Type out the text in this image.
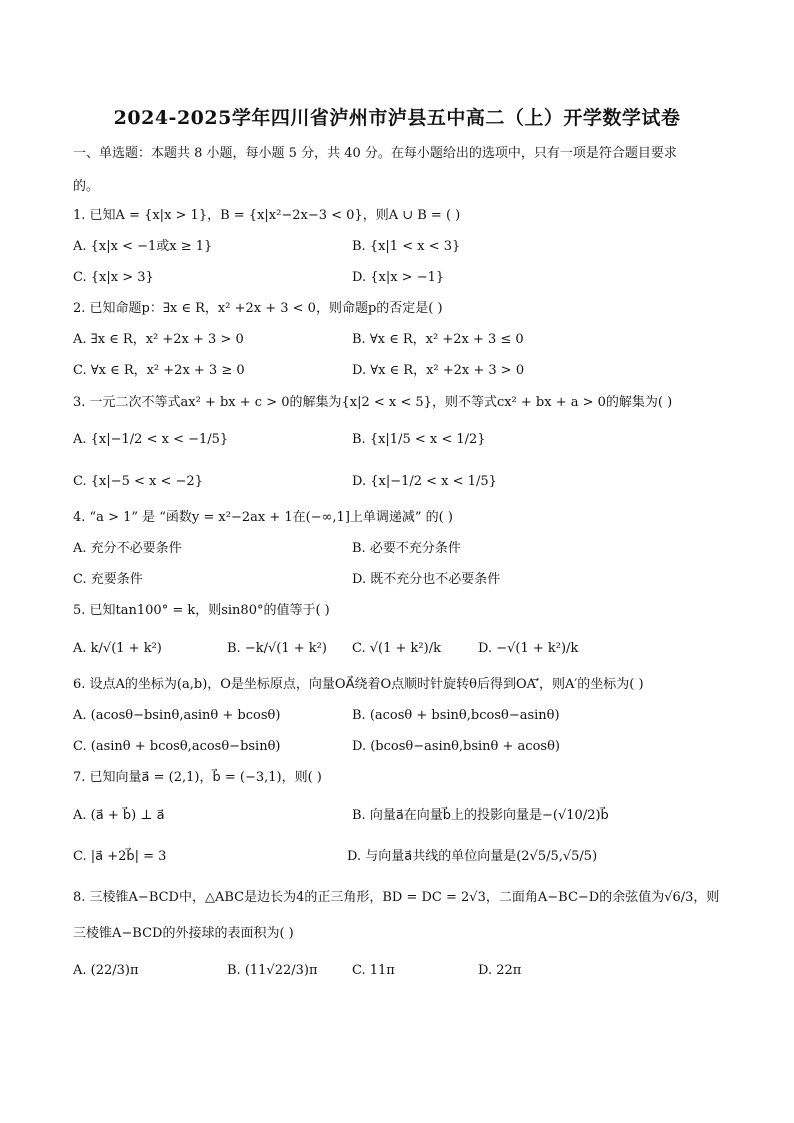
2024-2025学年四川省泸州市泸县五中高二（上）开学数学试卷
一、单选题：本题共 8 小题，每小题 5 分，共 40 分。在每小题给出的选项中，只有一项是符合题目要求
的。
1. 已知A = {x|x > 1}，B = {x|x²−2x−3 < 0}，则A ∪ B = ( )
A. {x|x < −1或x ≥ 1}	B. {x|1 < x < 3}
C. {x|x > 3}	D. {x|x > −1}
2. 已知命题p：∃x ∈ R，x² +2x + 3 < 0，则命题p的否定是( )
A. ∃x ∈ R，x² +2x + 3 > 0	B. ∀x ∈ R，x² +2x + 3 ≤ 0
C. ∀x ∈ R，x² +2x + 3 ≥ 0	D. ∀x ∈ R，x² +2x + 3 > 0
3. 一元二次不等式ax² + bx + c > 0的解集为{x|2 < x < 5}，则不等式cx² + bx + a > 0的解集为( )
A. {x|−1/2 < x < −1/5}	B. {x|1/5 < x < 1/2}
C. {x|−5 < x < −2}	D. {x|−1/2 < x < 1/5}
4. “a > 1” 是 “函数y = x²−2ax + 1在(−∞,1]上单调递减” 的( )
A. 充分不必要条件	B. 必要不充分条件
C. 充要条件	D. 既不充分也不必要条件
5. 已知tan100° = k，则sin80°的值等于( )
A. k/√(1 + k²)	B. −k/√(1 + k²) C. √(1 + k²)/k	D. −√(1 + k²)/k
6. 设点A的坐标为(a,b)，O是坐标原点，向量OA⃗绕着O点顺时针旋转θ后得到OA′⃗，则A′的坐标为( )
A. (acosθ−bsinθ,asinθ + bcosθ)	B. (acosθ + bsinθ,bcosθ−asinθ)
C. (asinθ + bcosθ,acosθ−bsinθ)	D. (bcosθ−asinθ,bsinθ + acosθ)
7. 已知向量a⃗ = (2,1)，b⃗ = (−3,1)，则( )
A. (a⃗ + b⃗) ⊥ a⃗	B. 向量a⃗在向量b⃗上的投影向量是−(√10/2)b⃗
C. |a⃗ +2b⃗| = 3	D. 与向量a⃗共线的单位向量是(2√5/5,√5/5)
8. 三棱锥A−BCD中，△ABC是边长为4的正三角形，BD = DC = 2√3，二面角A−BC−D的余弦值为√6/3，则
三棱锥A−BCD的外接球的表面积为( )
A. (22/3)π	B. (11√22/3)π	C. 11π	D. 22π
